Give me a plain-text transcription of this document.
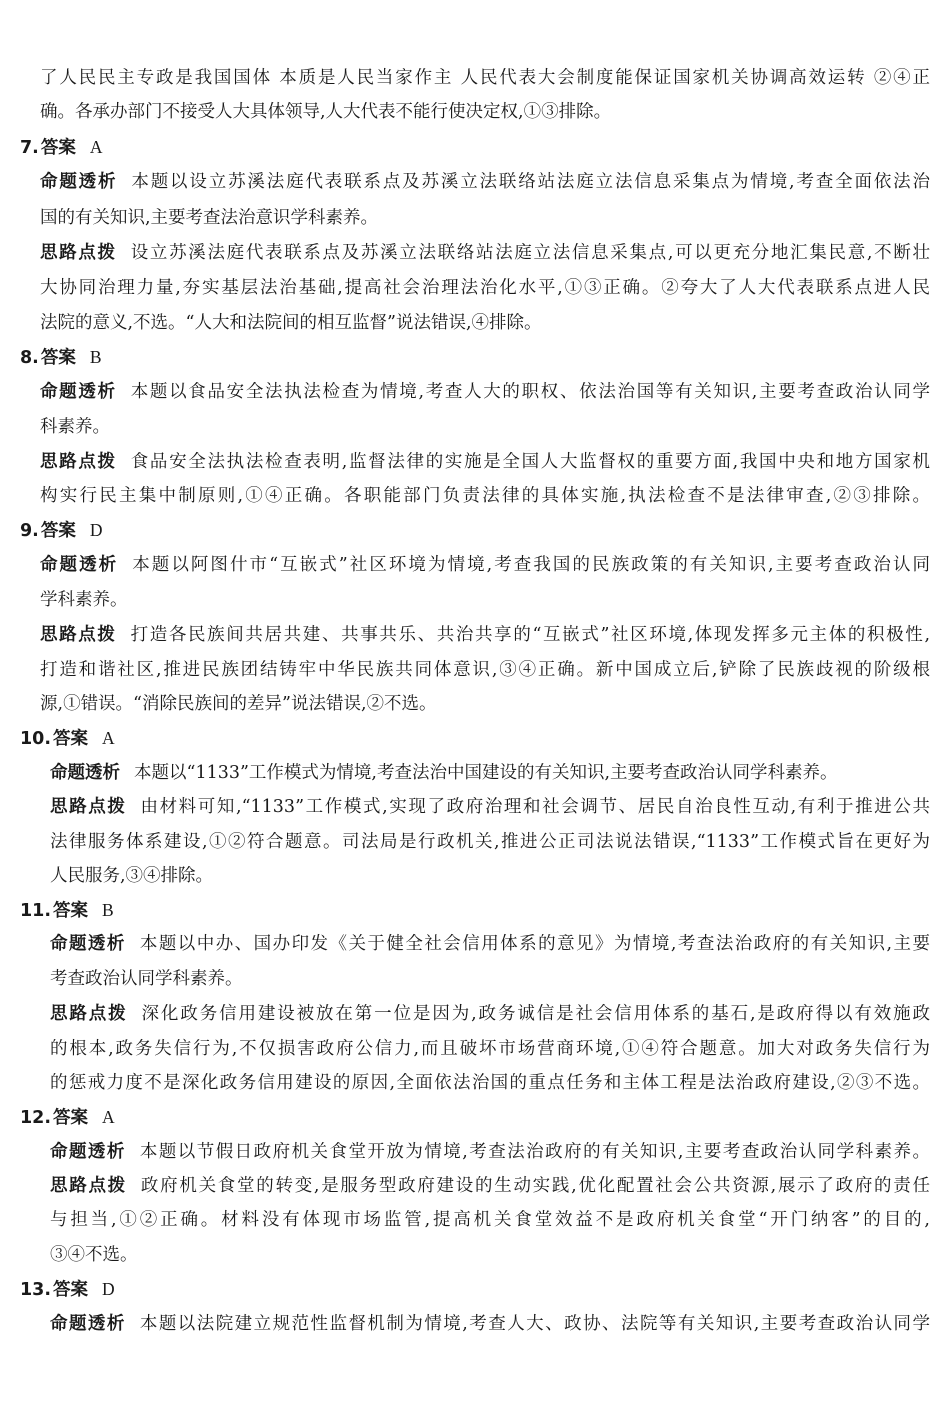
了人民民主专政是我国国体 本质是人民当家作主 人民代表大会制度能保证国家机关协调高效运转 ②④正
确。各承办部门不接受人大具体领导,人大代表不能行使决定权,①③排除。
7. 答案 A
命题透析 本题以设立苏溪法庭代表联系点及苏溪立法联络站法庭立法信息采集点为情境,考查全面依法治
国的有关知识,主要考查法治意识学科素养。
思路点拨 设立苏溪法庭代表联系点及苏溪立法联络站法庭立法信息采集点,可以更充分地汇集民意,不断壮
大协同治理力量,夯实基层法治基础,提高社会治理法治化水平,①③正确。②夸大了人大代表联系点进人民
法院的意义,不选。“人大和法院间的相互监督”说法错误,④排除。
8. 答案 B
命题透析 本题以食品安全法执法检查为情境,考查人大的职权、依法治国等有关知识,主要考查政治认同学
科素养。
思路点拨 食品安全法执法检查表明,监督法律的实施是全国人大监督权的重要方面,我国中央和地方国家机
构实行民主集中制原则,①④正确。各职能部门负责法律的具体实施,执法检查不是法律审查,②③排除。
9. 答案 D
命题透析 本题以阿图什市“互嵌式”社区环境为情境,考查我国的民族政策的有关知识,主要考查政治认同
学科素养。
思路点拨 打造各民族间共居共建、共事共乐、共治共享的“互嵌式”社区环境,体现发挥多元主体的积极性,
打造和谐社区,推进民族团结铸牢中华民族共同体意识,③④正确。新中国成立后,铲除了民族歧视的阶级根
源,①错误。“消除民族间的差异”说法错误,②不选。
10. 答案 A
命题透析 本题以“1133”工作模式为情境,考查法治中国建设的有关知识,主要考查政治认同学科素养。
思路点拨 由材料可知,“1133”工作模式,实现了政府治理和社会调节、居民自治良性互动,有利于推进公共
法律服务体系建设,①②符合题意。司法局是行政机关,推进公正司法说法错误,“1133”工作模式旨在更好为
人民服务,③④排除。
11. 答案 B
命题透析 本题以中办、国办印发《关于健全社会信用体系的意见》为情境,考查法治政府的有关知识,主要
考查政治认同学科素养。
思路点拨 深化政务信用建设被放在第一位是因为,政务诚信是社会信用体系的基石,是政府得以有效施政
的根本,政务失信行为,不仅损害政府公信力,而且破坏市场营商环境,①④符合题意。加大对政务失信行为
的惩戒力度不是深化政务信用建设的原因,全面依法治国的重点任务和主体工程是法治政府建设,②③不选。
12. 答案 A
命题透析 本题以节假日政府机关食堂开放为情境,考查法治政府的有关知识,主要考查政治认同学科素养。
思路点拨 政府机关食堂的转变,是服务型政府建设的生动实践,优化配置社会公共资源,展示了政府的责任
与担当,①②正确。材料没有体现市场监管,提高机关食堂效益不是政府机关食堂“开门纳客”的目的,
③④不选。
13. 答案 D
命题透析 本题以法院建立规范性监督机制为情境,考查人大、政协、法院等有关知识,主要考查政治认同学
